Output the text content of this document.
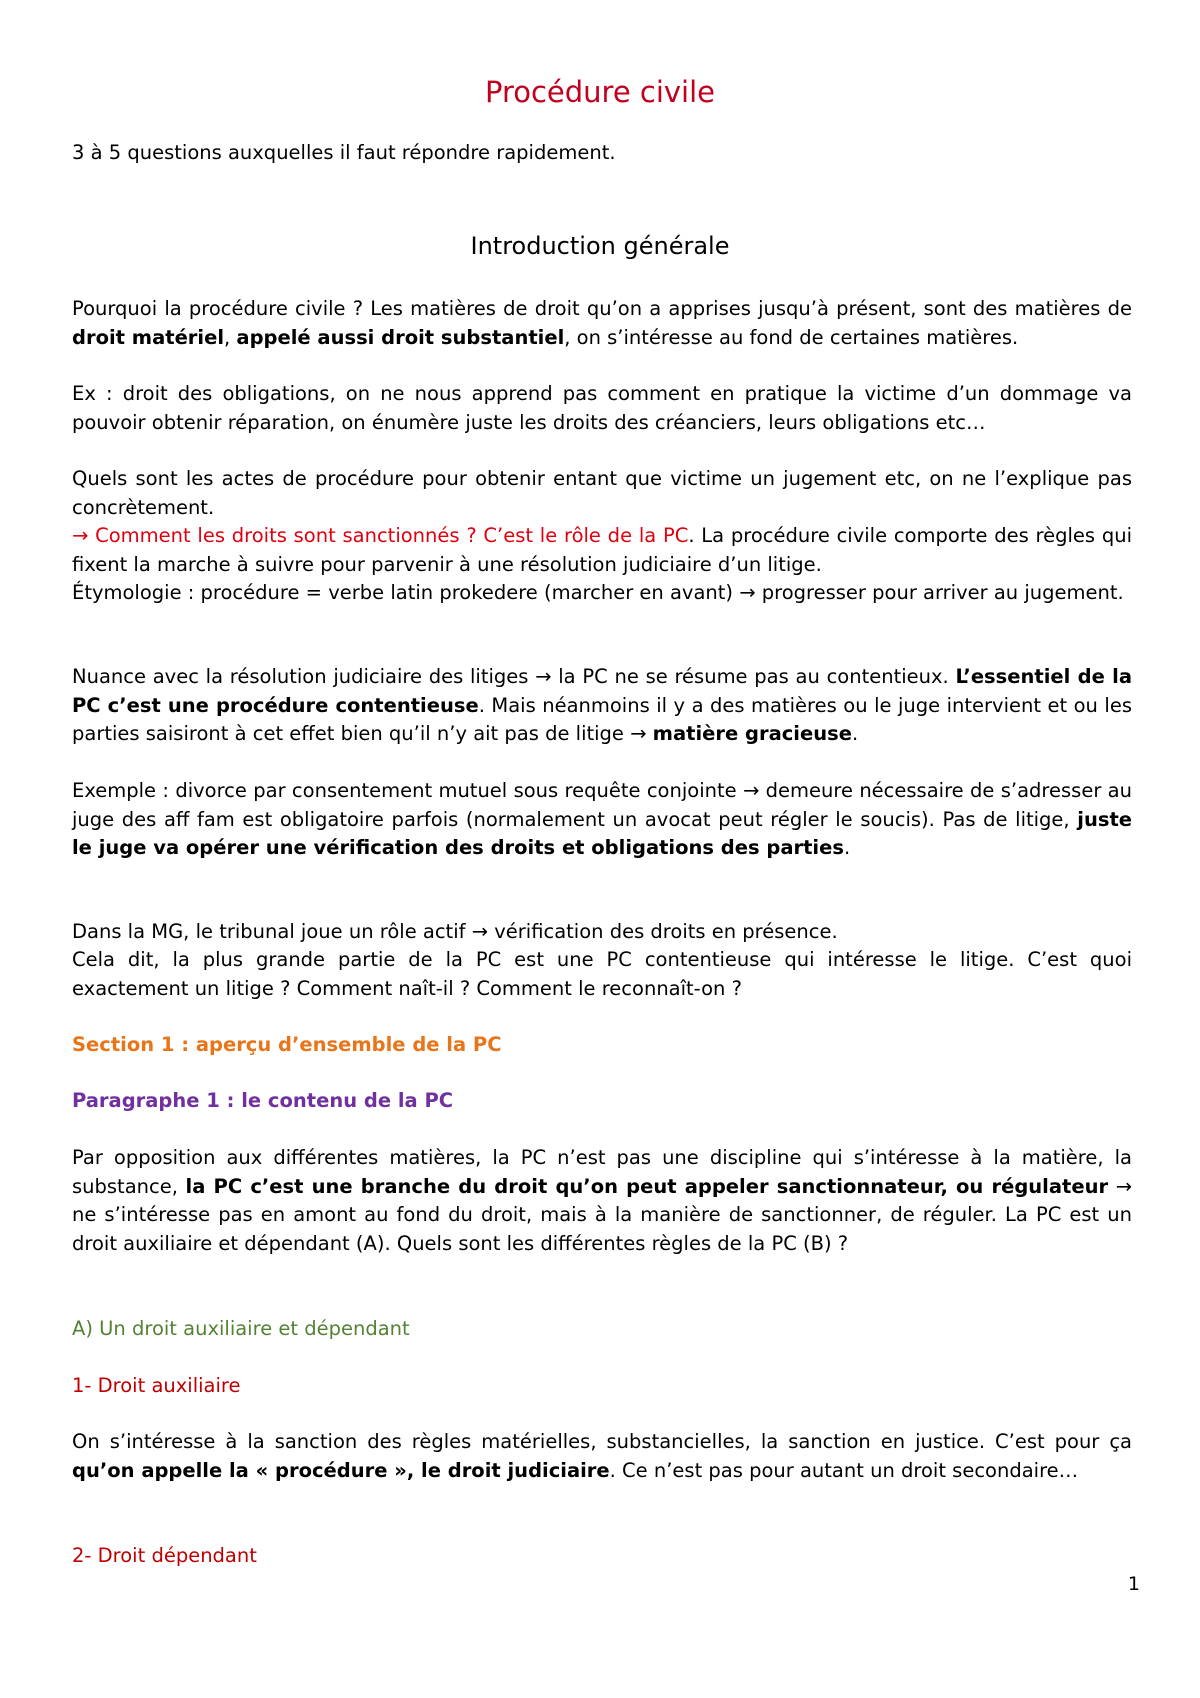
Procédure civile

3 à 5 questions auxquelles il faut répondre rapidement.

Introduction générale

Pourquoi la procédure civile ? Les matières de droit qu’on a apprises jusqu’à présent, sont des matières de droit matériel, appelé aussi droit substantiel, on s’intéresse au fond de certaines matières.

Ex : droit des obligations, on ne nous apprend pas comment en pratique la victime d’un dommage va pouvoir obtenir réparation, on énumère juste les droits des créanciers, leurs obligations etc…

Quels sont les actes de procédure pour obtenir entant que victime un jugement etc, on ne l’explique pas concrètement.

→ Comment les droits sont sanctionnés ? C’est le rôle de la PC. La procédure civile comporte des règles qui fixent la marche à suivre pour parvenir à une résolution judiciaire d’un litige.

Étymologie : procédure = verbe latin prokedere (marcher en avant) → progresser pour arriver au jugement.

Nuance avec la résolution judiciaire des litiges → la PC ne se résume pas au contentieux. L’essentiel de la PC c’est une procédure contentieuse. Mais néanmoins il y a des matières ou le juge intervient et ou les parties saisiront à cet effet bien qu’il n’y ait pas de litige → matière gracieuse.

Exemple : divorce par consentement mutuel sous requête conjointe → demeure nécessaire de s’adresser au juge des aff fam est obligatoire parfois (normalement un avocat peut régler le soucis). Pas de litige, juste le juge va opérer une vérification des droits et obligations des parties.

Dans la MG, le tribunal joue un rôle actif → vérification des droits en présence.

Cela dit, la plus grande partie de la PC est une PC contentieuse qui intéresse le litige. C’est quoi exactement un litige ? Comment naît-il ? Comment le reconnaît-on ?

Section 1 : aperçu d’ensemble de la PC

Paragraphe 1 : le contenu de la PC

Par opposition aux différentes matières, la PC n’est pas une discipline qui s’intéresse à la matière, la substance, la PC c’est une branche du droit qu’on peut appeler sanctionnateur, ou régulateur → ne s’intéresse pas en amont au fond du droit, mais à la manière de sanctionner, de réguler. La PC est un droit auxiliaire et dépendant (A). Quels sont les différentes règles de la PC (B) ?

A) Un droit auxiliaire et dépendant

1- Droit auxiliaire

On s’intéresse à la sanction des règles matérielles, substancielles, la sanction en justice. C’est pour ça qu’on appelle la « procédure », le droit judiciaire. Ce n’est pas pour autant un droit secondaire…

2- Droit dépendant

1
